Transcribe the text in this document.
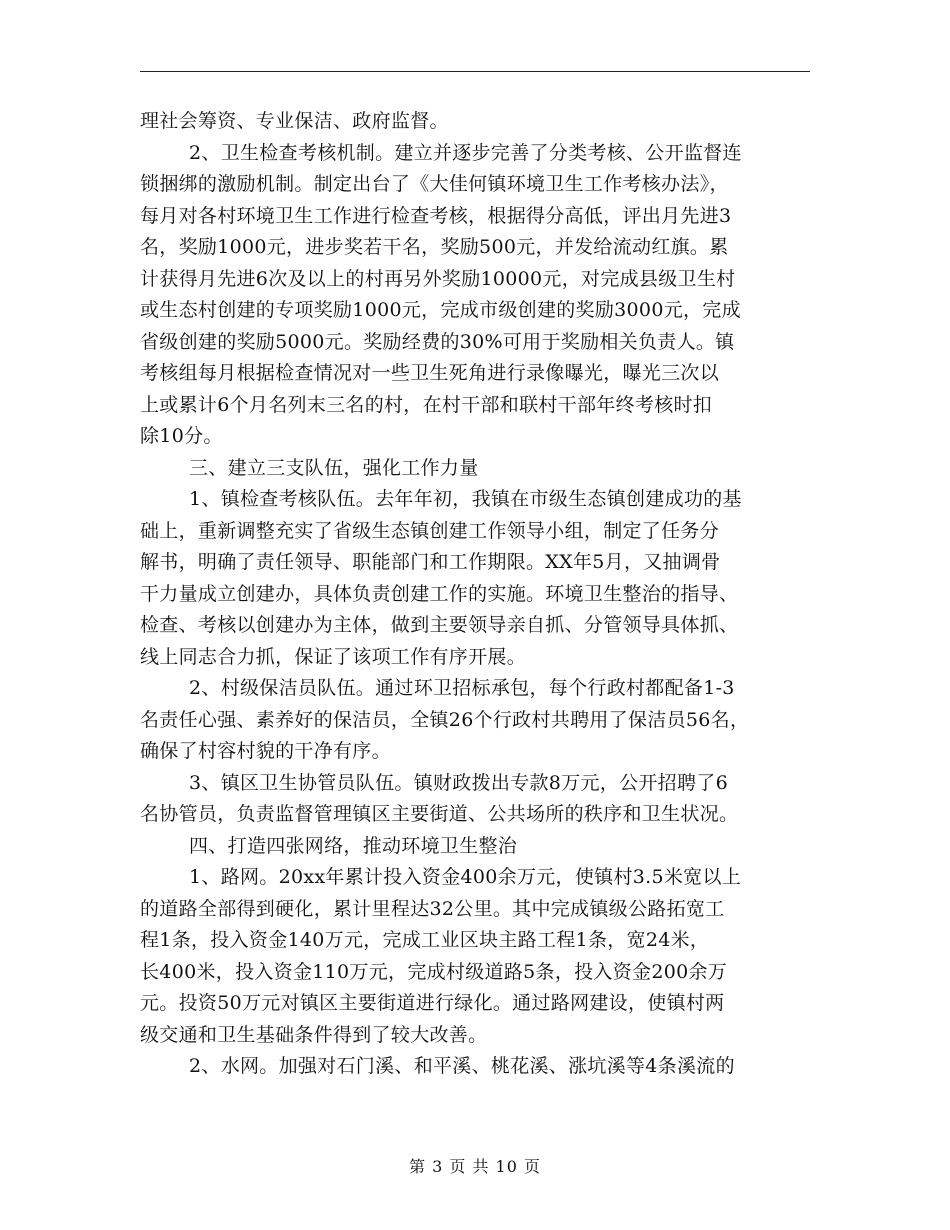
理社会筹资、专业保洁、政府监督。
2、卫生检查考核机制。建立并逐步完善了分类考核、公开监督连
锁捆绑的激励机制。制定出台了《大佳何镇环境卫生工作考核办法》，
每月对各村环境卫生工作进行检查考核，根据得分高低，评出月先进3
名，奖励1000元，进步奖若干名，奖励500元，并发给流动红旗。累
计获得月先进6次及以上的村再另外奖励10000元，对完成县级卫生村
或生态村创建的专项奖励1000元，完成市级创建的奖励3000元，完成
省级创建的奖励5000元。奖励经费的30%可用于奖励相关负责人。镇
考核组每月根据检查情况对一些卫生死角进行录像曝光，曝光三次以
上或累计6个月名列末三名的村，在村干部和联村干部年终考核时扣
除10分。
三、建立三支队伍，强化工作力量
1、镇检查考核队伍。去年年初，我镇在市级生态镇创建成功的基
础上，重新调整充实了省级生态镇创建工作领导小组，制定了任务分
解书，明确了责任领导、职能部门和工作期限。XX年5月，又抽调骨
干力量成立创建办，具体负责创建工作的实施。环境卫生整治的指导、
检查、考核以创建办为主体，做到主要领导亲自抓、分管领导具体抓、
线上同志合力抓，保证了该项工作有序开展。
2、村级保洁员队伍。通过环卫招标承包，每个行政村都配备1-3
名责任心强、素养好的保洁员，全镇26个行政村共聘用了保洁员56名，
确保了村容村貌的干净有序。
3、镇区卫生协管员队伍。镇财政拨出专款8万元，公开招聘了6
名协管员，负责监督管理镇区主要街道、公共场所的秩序和卫生状况。
四、打造四张网络，推动环境卫生整治
1、路网。20xx年累计投入资金400余万元，使镇村3.5米宽以上
的道路全部得到硬化，累计里程达32公里。其中完成镇级公路拓宽工
程1条，投入资金140万元，完成工业区块主路工程1条，宽24米，
长400米，投入资金110万元，完成村级道路5条，投入资金200余万
元。投资50万元对镇区主要街道进行绿化。通过路网建设，使镇村两
级交通和卫生基础条件得到了较大改善。
2、水网。加强对石门溪、和平溪、桃花溪、涨坑溪等4条溪流的
第 3 页 共 10 页
